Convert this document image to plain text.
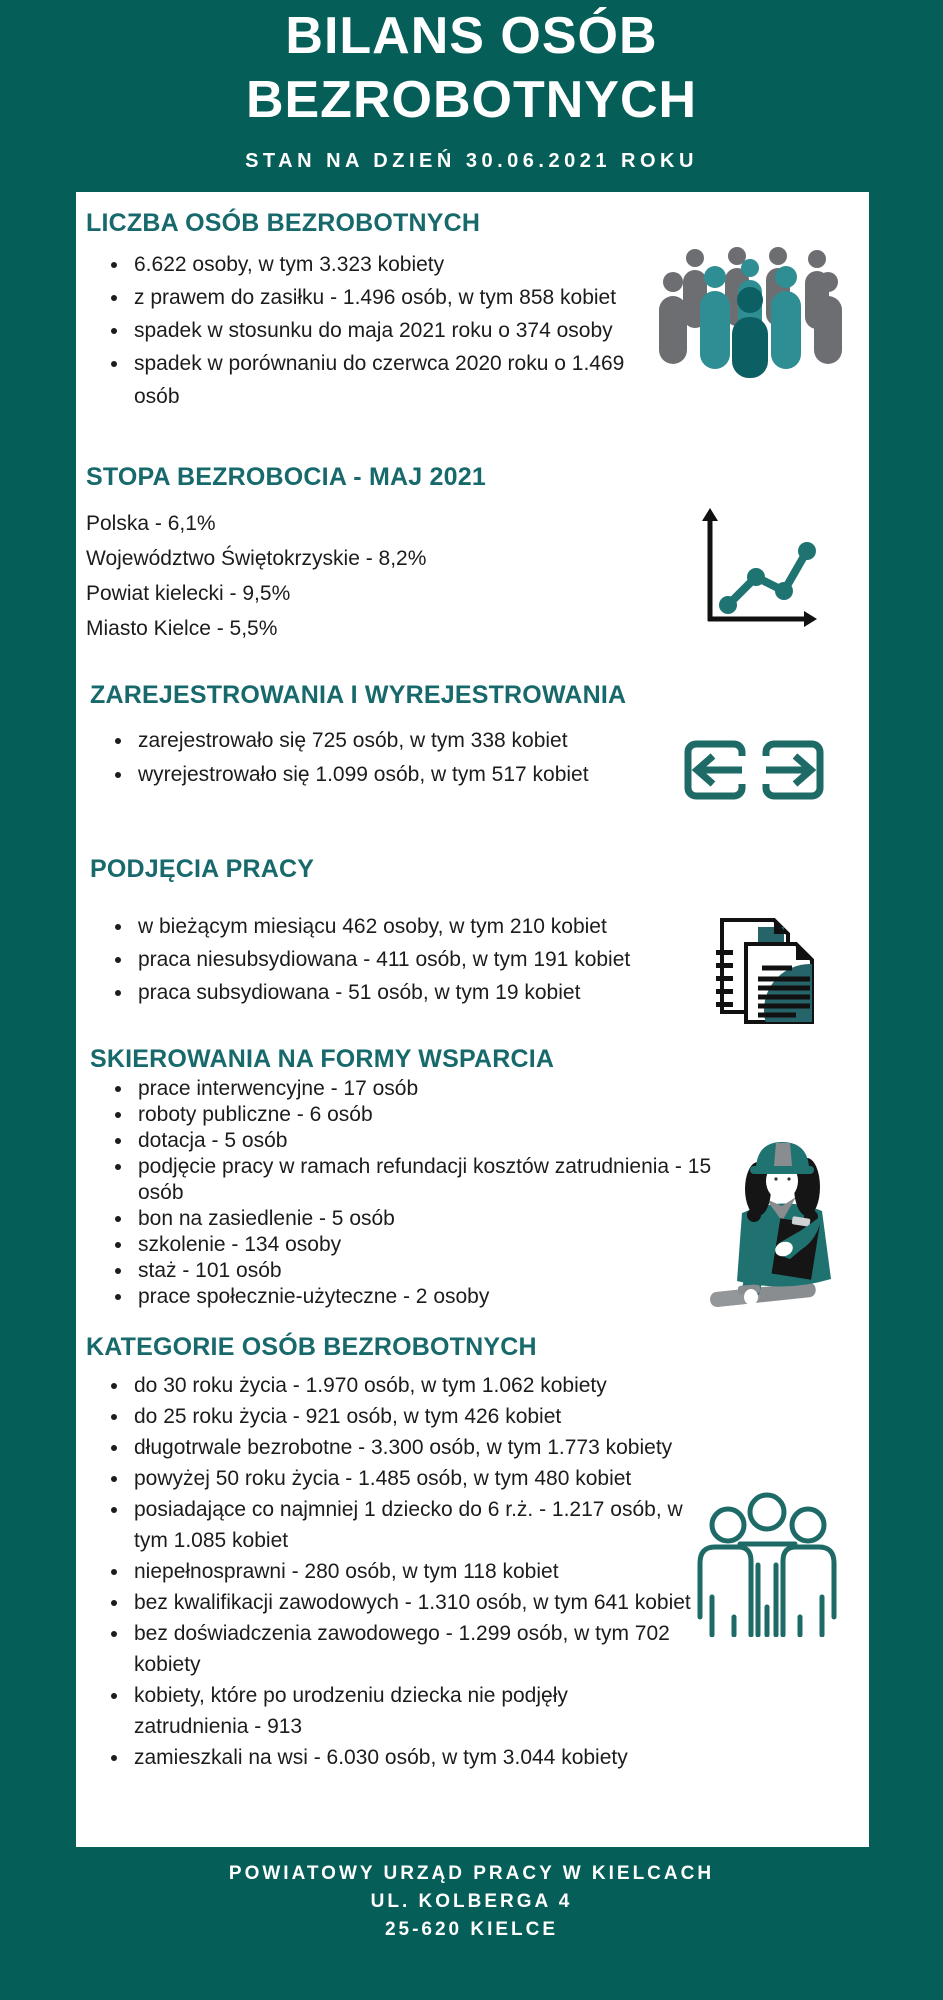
BILANS OSÓB
BEZROBOTNYCH
STAN NA DZIEŃ 30.06.2021 ROKU
LICZBA OSÓB BEZROBOTNYCH
• 6.622 osoby, w tym 3.323 kobiety
• z prawem do zasiłku - 1.496 osób, w tym 858 kobiet
• spadek w stosunku do maja 2021 roku o 374 osoby
• spadek w porównaniu do czerwca 2020 roku o 1.469 osób
STOPA BEZROBOCIA - MAJ 2021
Polska - 6,1%
Województwo Świętokrzyskie - 8,2%
Powiat kielecki - 9,5%
Miasto Kielce - 5,5%
ZAREJESTROWANIA I WYREJESTROWANIA
• zarejestrowało się 725 osób, w tym 338 kobiet
• wyrejestrowało się 1.099 osób, w tym 517 kobiet
PODJĘCIA PRACY
• w bieżącym miesiącu 462 osoby, w tym 210 kobiet
• praca niesubsydiowana - 411 osób, w tym 191 kobiet
• praca subsydiowana - 51 osób, w tym 19 kobiet
SKIEROWANIA NA FORMY WSPARCIA
• prace interwencyjne - 17 osób
• roboty publiczne - 6 osób
• dotacja - 5 osób
• podjęcie pracy w ramach refundacji kosztów zatrudnienia - 15 osób
• bon na zasiedlenie - 5 osób
• szkolenie - 134 osoby
• staż - 101 osób
• prace społecznie-użyteczne - 2 osoby
KATEGORIE OSÓB BEZROBOTNYCH
• do 30 roku życia - 1.970 osób, w tym 1.062 kobiety
• do 25 roku życia - 921 osób, w tym 426 kobiet
• długotrwale bezrobotne - 3.300 osób, w tym 1.773 kobiety
• powyżej 50 roku życia - 1.485 osób, w tym 480 kobiet
• posiadające co najmniej 1 dziecko do 6 r.ż. - 1.217 osób, w tym 1.085 kobiet
• niepełnosprawni - 280 osób, w tym 118 kobiet
• bez kwalifikacji zawodowych - 1.310 osób, w tym 641 kobiet
• bez doświadczenia zawodowego - 1.299 osób, w tym 702 kobiety
• kobiety, które po urodzeniu dziecka nie podjęły zatrudnienia - 913
• zamieszkali na wsi - 6.030 osób, w tym 3.044 kobiety
POWIATOWY URZĄD PRACY W KIELCACH
UL. KOLBERGA 4
25-620 KIELCE
